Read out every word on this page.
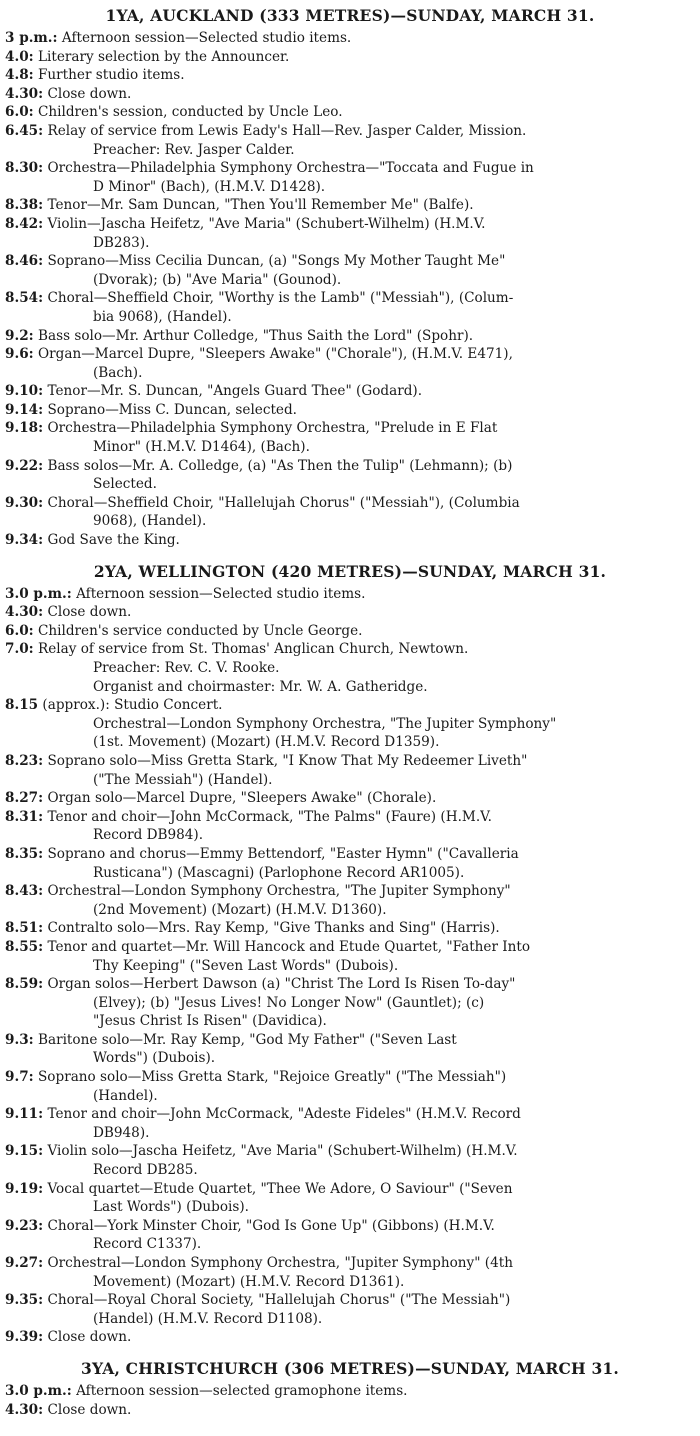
1YA, AUCKLAND (333 METRES)—SUNDAY, MARCH 31.
3 p.m.: Afternoon session—Selected studio items.
4.0: Literary selection by the Announcer.
4.8: Further studio items.
4.30: Close down.
6.0: Children's session, conducted by Uncle Leo.
6.45: Relay of service from Lewis Eady's Hall—Rev. Jasper Calder, Mission.
Preacher: Rev. Jasper Calder.
8.30: Orchestra—Philadelphia Symphony Orchestra—"Toccata and Fugue in
D Minor" (Bach), (H.M.V. D1428).
8.38: Tenor—Mr. Sam Duncan, "Then You'll Remember Me" (Balfe).
8.42: Violin—Jascha Heifetz, "Ave Maria" (Schubert-Wilhelm) (H.M.V.
DB283).
8.46: Soprano—Miss Cecilia Duncan, (a) "Songs My Mother Taught Me"
(Dvorak); (b) "Ave Maria" (Gounod).
8.54: Choral—Sheffield Choir, "Worthy is the Lamb" ("Messiah"), (Colum-
bia 9068), (Handel).
9.2: Bass solo—Mr. Arthur Colledge, "Thus Saith the Lord" (Spohr).
9.6: Organ—Marcel Dupre, "Sleepers Awake" ("Chorale"), (H.M.V. E471),
(Bach).
9.10: Tenor—Mr. S. Duncan, "Angels Guard Thee" (Godard).
9.14: Soprano—Miss C. Duncan, selected.
9.18: Orchestra—Philadelphia Symphony Orchestra, "Prelude in E Flat
Minor" (H.M.V. D1464), (Bach).
9.22: Bass solos—Mr. A. Colledge, (a) "As Then the Tulip" (Lehmann); (b)
Selected.
9.30: Choral—Sheffield Choir, "Hallelujah Chorus" ("Messiah"), (Columbia
9068), (Handel).
9.34: God Save the King.
2YA, WELLINGTON (420 METRES)—SUNDAY, MARCH 31.
3.0 p.m.: Afternoon session—Selected studio items.
4.30: Close down.
6.0: Children's service conducted by Uncle George.
7.0: Relay of service from St. Thomas' Anglican Church, Newtown.
Preacher: Rev. C. V. Rooke.
Organist and choirmaster: Mr. W. A. Gatheridge.
8.15 (approx.): Studio Concert.
Orchestral—London Symphony Orchestra, "The Jupiter Symphony"
(1st. Movement) (Mozart) (H.M.V. Record D1359).
8.23: Soprano solo—Miss Gretta Stark, "I Know That My Redeemer Liveth"
("The Messiah") (Handel).
8.27: Organ solo—Marcel Dupre, "Sleepers Awake" (Chorale).
8.31: Tenor and choir—John McCormack, "The Palms" (Faure) (H.M.V.
Record DB984).
8.35: Soprano and chorus—Emmy Bettendorf, "Easter Hymn" ("Cavalleria
Rusticana") (Mascagni) (Parlophone Record AR1005).
8.43: Orchestral—London Symphony Orchestra, "The Jupiter Symphony"
(2nd Movement) (Mozart) (H.M.V. D1360).
8.51: Contralto solo—Mrs. Ray Kemp, "Give Thanks and Sing" (Harris).
8.55: Tenor and quartet—Mr. Will Hancock and Etude Quartet, "Father Into
Thy Keeping" ("Seven Last Words" (Dubois).
8.59: Organ solos—Herbert Dawson (a) "Christ The Lord Is Risen To-day"
(Elvey); (b) "Jesus Lives! No Longer Now" (Gauntlet); (c)
"Jesus Christ Is Risen" (Davidica).
9.3: Baritone solo—Mr. Ray Kemp, "God My Father" ("Seven Last
Words") (Dubois).
9.7: Soprano solo—Miss Gretta Stark, "Rejoice Greatly" ("The Messiah")
(Handel).
9.11: Tenor and choir—John McCormack, "Adeste Fideles" (H.M.V. Record
DB948).
9.15: Violin solo—Jascha Heifetz, "Ave Maria" (Schubert-Wilhelm) (H.M.V.
Record DB285.
9.19: Vocal quartet—Etude Quartet, "Thee We Adore, O Saviour" ("Seven
Last Words") (Dubois).
9.23: Choral—York Minster Choir, "God Is Gone Up" (Gibbons) (H.M.V.
Record C1337).
9.27: Orchestral—London Symphony Orchestra, "Jupiter Symphony" (4th
Movement) (Mozart) (H.M.V. Record D1361).
9.35: Choral—Royal Choral Society, "Hallelujah Chorus" ("The Messiah")
(Handel) (H.M.V. Record D1108).
9.39: Close down.
3YA, CHRISTCHURCH (306 METRES)—SUNDAY, MARCH 31.
3.0 p.m.: Afternoon session—selected gramophone items.
4.30: Close down.
